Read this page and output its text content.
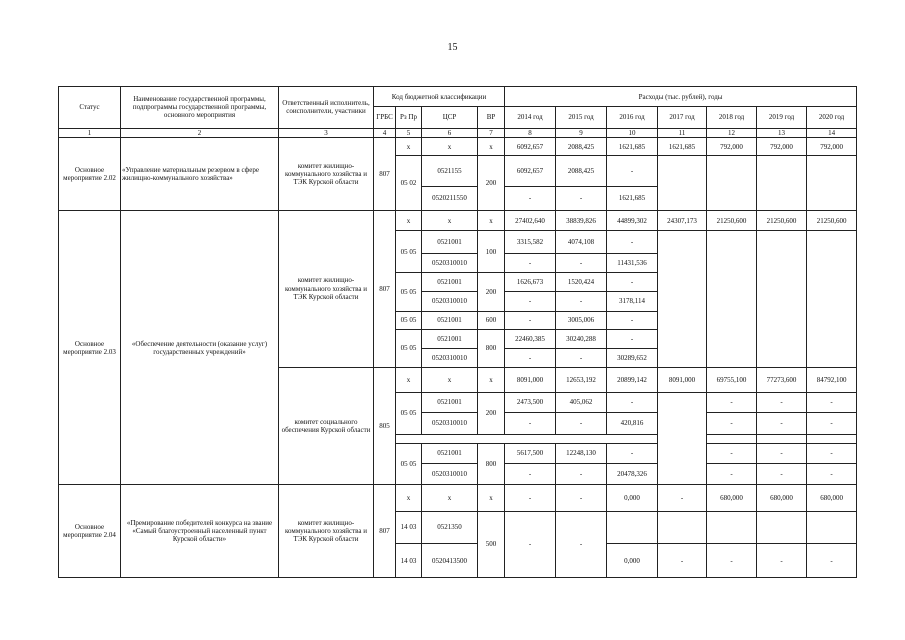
15
Статус	Наименование государственной программы, подпрограммы государственной программы, основного мероприятия	Ответственный исполнитель, соисполнители, участники	Код бюджетной классификации				Расходы (тыс. рублей), годы						
			ГРБС	Рз Пр	ЦСР	ВР	2014 год	2015 год	2016 год	2017 год	2018 год	2019 год	2020 год
1	2	3	4	5	6	7	8	9	10	11	12	13	14
Основное мероприятие 2.02	«Управление материальным резервом в сфере жилищно-коммунального хозяйства»	комитет жилищно-коммунального хозяйства и ТЭК Курской области	807	x	x	x	6092,657	2088,425	1621,685	1621,685	792,000	792,000	792,000
				05 02	0521155	200	6092,657	2088,425	-				

					0520211550		-	-	1621,685				
Основное мероприятие 2.03	«Обеспечение деятельности (оказание услуг) государственных учреждений»	комитет жилищно-коммунального хозяйства и ТЭК Курской области	807	x	x	x	27402,640	38839,826	44899,302	24307,173	21250,600	21250,600	21250,600
				05 05	0521001	100	3315,582	4074,108	-				
					0520310010		-	-	11431,536				
				05 05	0521001	200	1626,673	1520,424	-				
					0520310010		-	-	3178,114				
				05 05	0521001	600	-	3005,006	-				
				05 05	0521001	800	22460,385	30240,288	-				

					0520310010		-	-	30289,652				
		комитет социального обеспечения Курской области	805	x	x	x	8091,000	12653,192	20899,142	8091,000	69755,100	77273,600	84792,100
				05 05	0521001	200	2473,500	405,062	-		-	-	-
					0520310010		-	-	420,816		-	-	-

				05 05	0521001	800	5617,500	12248,130	-		-	-	-
					0520310010		-	-	20478,326		-	-	-

Основное мероприятие 2.04	«Премирование победителей конкурса на звание «Самый благоустроенный населенный пункт Курской области»	комитет жилищно-коммунального хозяйства и ТЭК Курской области	807	x	x	x	-	-	0,000	-	680,000	680,000	680,000
				14 03	0521350	500	-	-					
				14 03	0520413500				0,000	-	-	-	-
